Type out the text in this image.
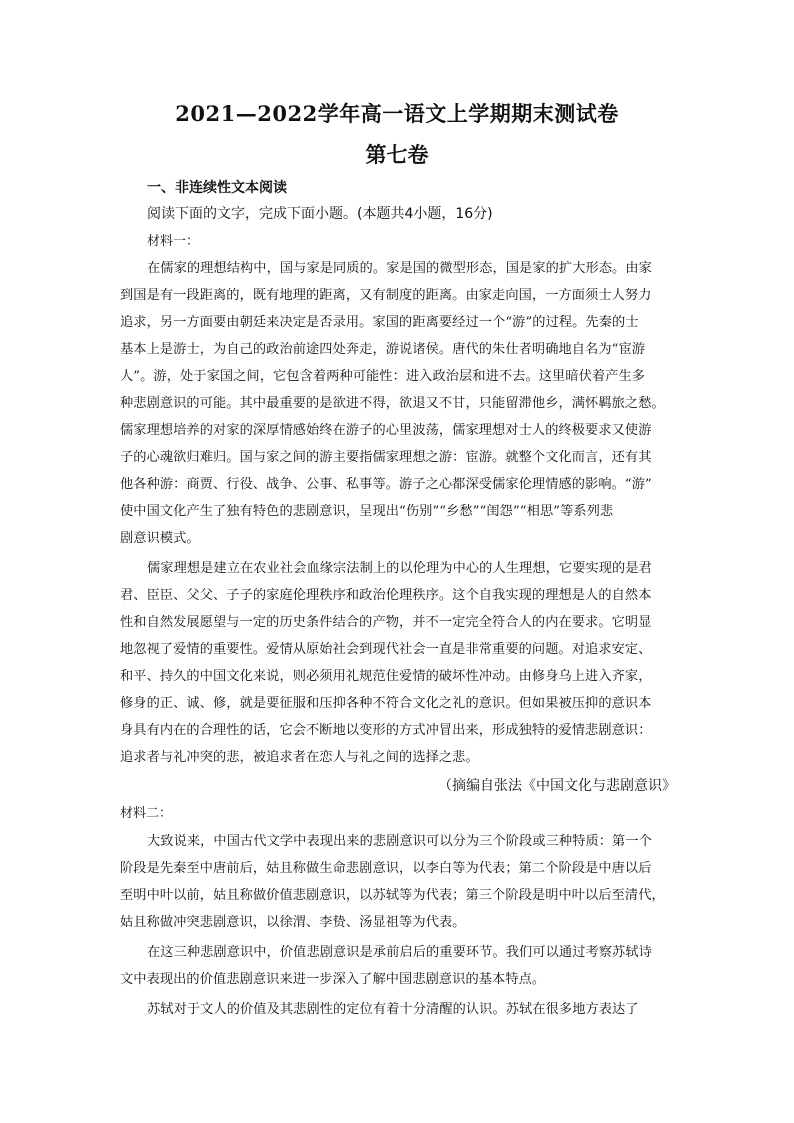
2021—2022学年高一语文上学期期末测试卷
第七卷
一、非连续性文本阅读
阅读下面的文字，完成下面小题。(本题共4小题，16分)
材料一：
在儒家的理想结构中，国与家是同质的。家是国的微型形态，国是家的扩大形态。由家
到国是有一段距离的，既有地理的距离，又有制度的距离。由家走向国，一方面须士人努力
追求，另一方面要由朝廷来决定是否录用。家国的距离要经过一个“游”的过程。先秦的士
基本上是游士，为自己的政治前途四处奔走，游说诸侯。唐代的朱仕者明确地自名为“宦游
人”。游，处于家国之间，它包含着两种可能性：进入政治层和进不去。这里暗伏着产生多
种悲剧意识的可能。其中最重要的是欲进不得，欲退又不甘，只能留滞他乡，满怀羁旅之愁。
儒家理想培养的对家的深厚情感始终在游子的心里波荡，儒家理想对士人的终极要求又使游
子的心魂欲归难归。国与家之间的游主要指儒家理想之游：宦游。就整个文化而言，还有其
他各种游：商贾、行役、战争、公事、私事等。游子之心都深受儒家伦理情感的影响。“游”
使中国文化产生了独有特色的悲剧意识，呈现出“伤别”“乡愁”“闺怨”“相思”等系列悲
剧意识模式。
儒家理想是建立在农业社会血缘宗法制上的以伦理为中心的人生理想，它要实现的是君
君、臣臣、父父、子子的家庭伦理秩序和政治伦理秩序。这个自我实现的理想是人的自然本
性和自然发展愿望与一定的历史条件结合的产物，并不一定完全符合人的内在要求。它明显
地忽视了爱情的重要性。爱情从原始社会到现代社会一直是非常重要的问题。对追求安定、
和平、持久的中国文化来说，则必须用礼规范住爱情的破坏性冲动。由修身乌上进入齐家，
修身的正、诚、修，就是要征服和压抑各种不符合文化之礼的意识。但如果被压抑的意识本
身具有内在的合理性的话，它会不断地以变形的方式冲冒出来，形成独特的爱情悲剧意识：
追求者与礼冲突的悲，被追求者在恋人与礼之间的选择之悲。
（摘编自张法《中国文化与悲剧意识》
材料二：
大致说来，中国古代文学中表现出来的悲剧意识可以分为三个阶段或三种特质：第一个
阶段是先秦至中唐前后，姑且称做生命悲剧意识，以李白等为代表；第二个阶段是中唐以后
至明中叶以前，姑且称做价值悲剧意识，以苏轼等为代表；第三个阶段是明中叶以后至清代，
姑且称做冲突悲剧意识，以徐渭、李贽、汤显祖等为代表。
在这三种悲剧意识中，价值悲剧意识是承前启后的重要环节。我们可以通过考察苏轼诗
文中表现出的价值悲剧意识来进一步深入了解中国悲剧意识的基本特点。
苏轼对于文人的价值及其悲剧性的定位有着十分清醒的认识。苏轼在很多地方表达了
